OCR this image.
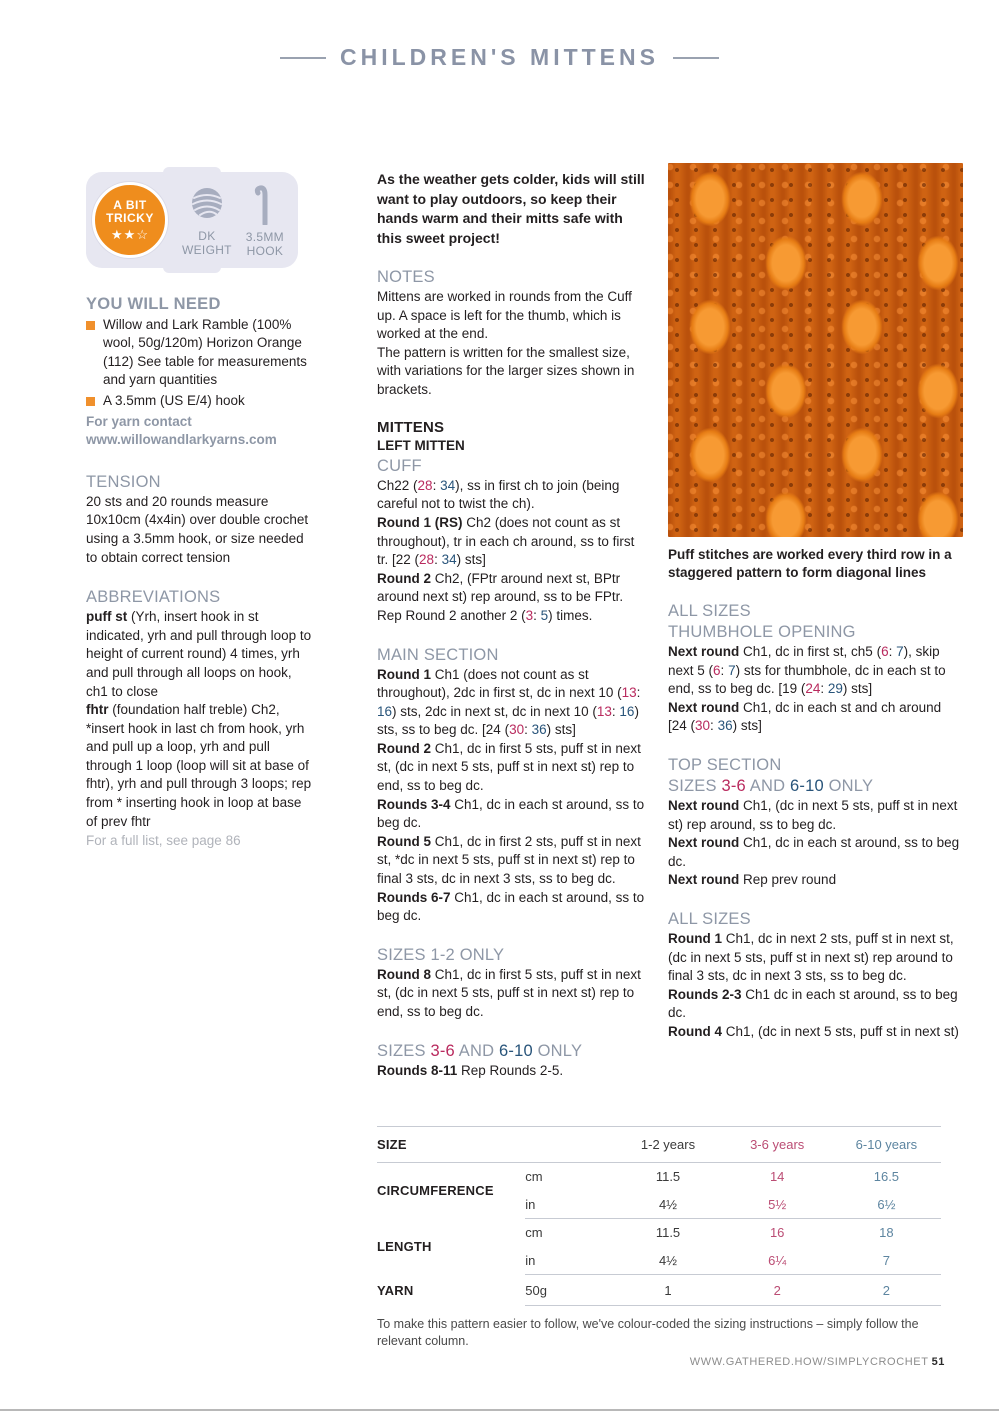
CHILDREN'S MITTENS
A BIT
TRICKY
★★☆	DK
WEIGHT
3.5MM
HOOK
YOU WILL NEED
Willow and Lark Ramble (100% wool, 50g/120m) Horizon Orange (112) See table for measurements and yarn quantities
A 3.5mm (US E/4) hook

For yarn contact

www.willowandlarkyarns.com

TENSION

20 sts and 20 rounds measure 10x10cm (4x4in) over double crochet using a 3.5mm hook, or size needed to obtain correct tension

ABBREVIATIONS

puff st (Yrh, insert hook in st indicated, yrh and pull through loop to height of current round) 4 times, yrh and pull through all loops on hook, ch1 to close

fhtr (foundation half treble) Ch2, *insert hook in last ch from hook, yrh and pull up a loop, yrh and pull through 1 loop (loop will sit at base of fhtr), yrh and pull through 3 loops; rep from * inserting hook in loop at base of prev fhtr

For a full list, see page 86

As the weather gets colder, kids will still want to play outdoors, so keep their hands warm and their mitts safe with this sweet project!

NOTES

Mittens are worked in rounds from the Cuff up. A space is left for the thumb, which is worked at the end.

The pattern is written for the smallest size, with variations for the larger sizes shown in brackets.

MITTENS
LEFT MITTEN
CUFF

Ch22 (28: 34), ss in first ch to join (being careful not to twist the ch).

Round 1 (RS) Ch2 (does not count as st throughout), tr in each ch around, ss to first tr. [22 (28: 34) sts]

Round 2 Ch2, (FPtr around next st, BPtr around next st) rep around, ss to be FPtr.

Rep Round 2 another 2 (3: 5) times.

MAIN SECTION

Round 1 Ch1 (does not count as st throughout), 2dc in first st, dc in next 10 (13: 16) sts, 2dc in next st, dc in next 10 (13: 16) sts, ss to beg dc. [24 (30: 36) sts]

Round 2 Ch1, dc in first 5 sts, puff st in next st, (dc in next 5 sts, puff st in next st) rep to end, ss to beg dc.

Rounds 3-4 Ch1, dc in each st around, ss to beg dc.

Round 5 Ch1, dc in first 2 sts, puff st in next st, *dc in next 5 sts, puff st in next st) rep to final 3 sts, dc in next 3 sts, ss to beg dc.

Rounds 6-7 Ch1, dc in each st around, ss to beg dc.

SIZES 1-2 ONLY

Round 8 Ch1, dc in first 5 sts, puff st in next st, (dc in next 5 sts, puff st in next st) rep to end, ss to beg dc.

SIZES 3-6 AND 6-10 ONLY

Rounds 8-11 Rep Rounds 2-5.

Puff stitches are worked every third row in a staggered pattern to form diagonal lines

ALL SIZES
THUMBHOLE OPENING

Next round Ch1, dc in first st, ch5 (6: 7), skip next 5 (6: 7) sts for thumbhole, dc in each st to end, ss to beg dc. [19 (24: 29) sts]

Next round Ch1, dc in each st and ch around [24 (30: 36) sts]

TOP SECTION
SIZES 3-6 AND 6-10 ONLY

Next round Ch1, (dc in next 5 sts, puff st in next st) rep around, ss to beg dc.

Next round Ch1, dc in each st around, ss to beg dc.

Next round Rep prev round

ALL SIZES

Round 1 Ch1, dc in next 2 sts, puff st in next st, (dc in next 5 sts, puff st in next st) rep around to final 3 sts, dc in next 3 sts, ss to beg dc.

Rounds 2-3 Ch1 dc in each st around, ss to beg dc.

Round 4 Ch1, (dc in next 5 sts, puff st in next st)

SIZE		1-2 years	3-6 years	6-10 years
CIRCUMFERENCE	cm	11.5	14	16.5
	in	4½	5½	6½
LENGTH	cm	11.5	16	18
	in	4½	6¼	7
YARN	50g	1	2	2

To make this pattern easier to follow, we've colour-coded the sizing instructions – simply follow the relevant column.

WWW.GATHERED.HOW/SIMPLYCROCHET 51
